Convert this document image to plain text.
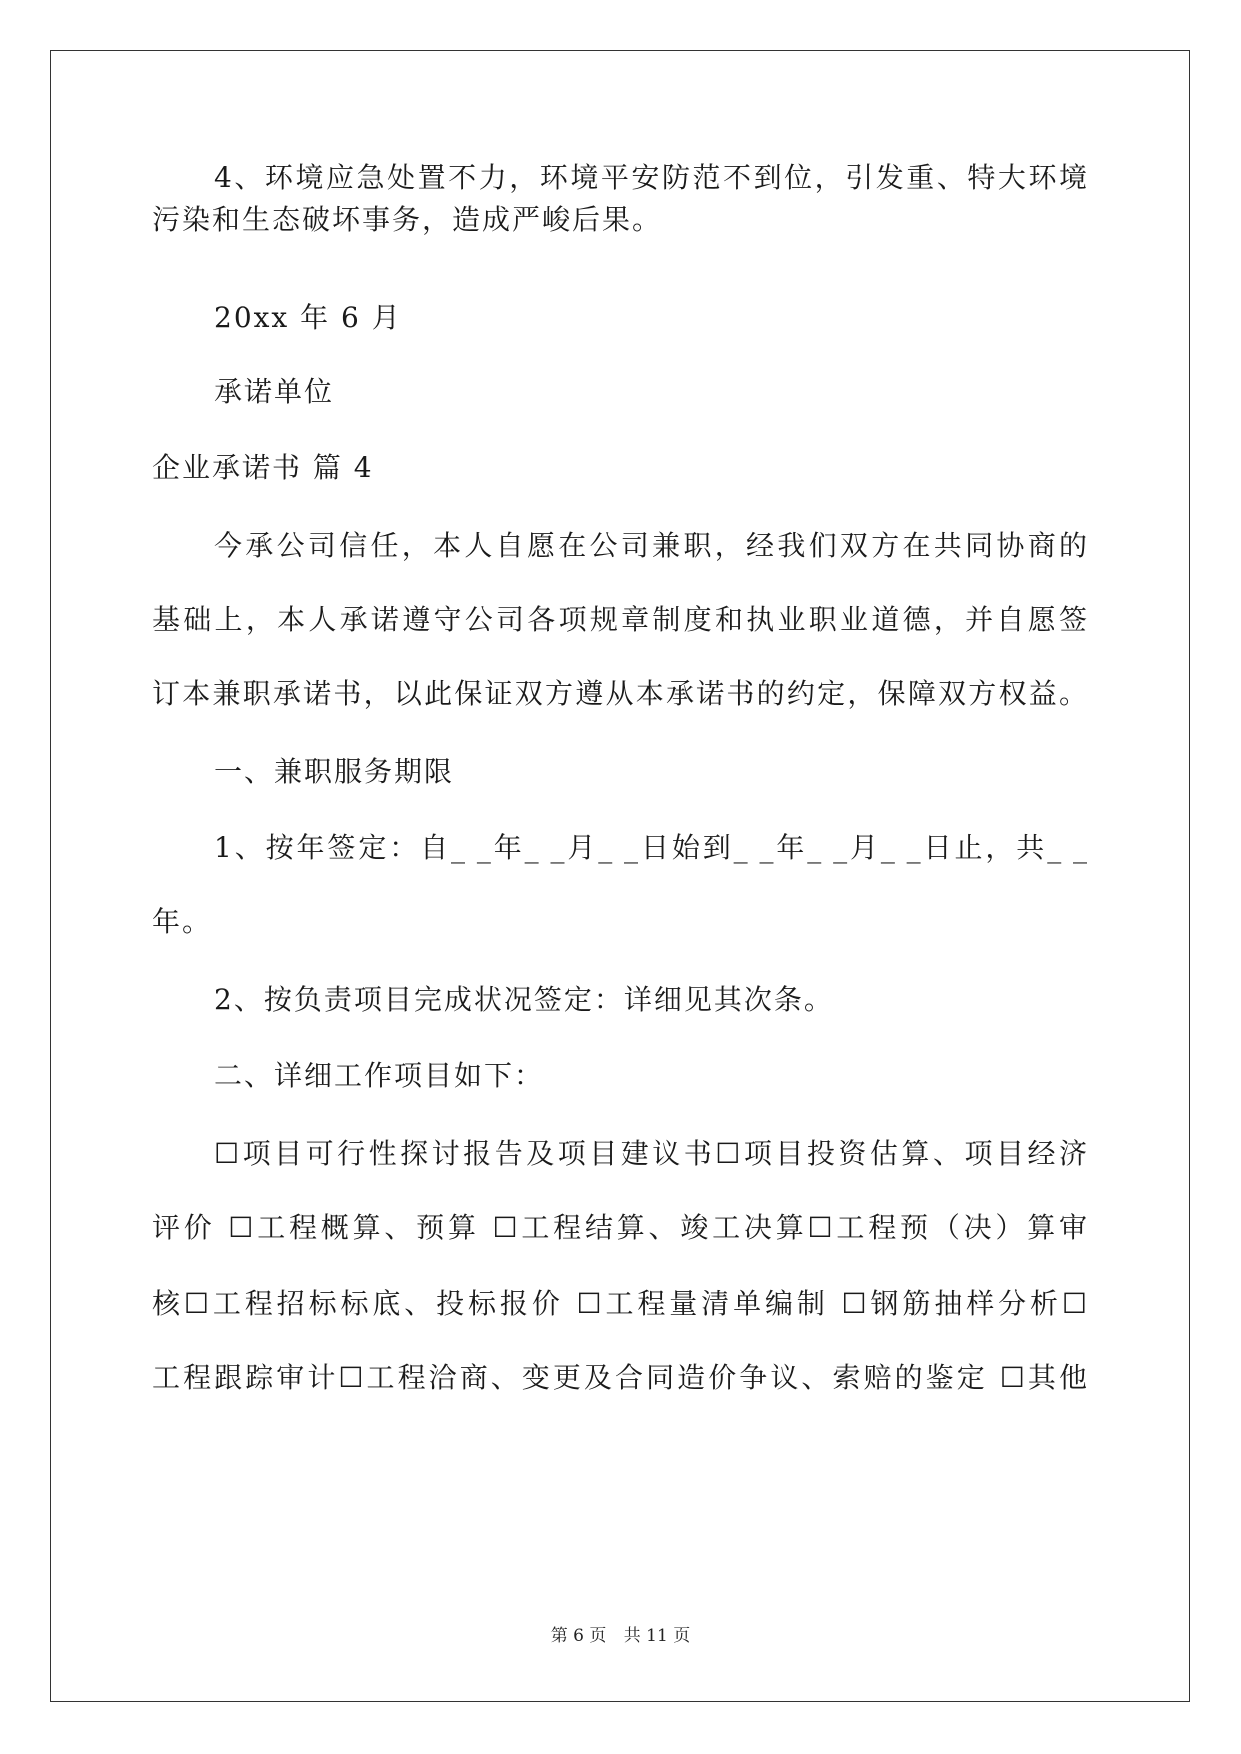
4、环境应急处置不力，环境平安防范不到位，引发重、特大环境

污染和生态破坏事务，造成严峻后果。

20xx 年 6 月

承诺单位

企业承诺书 篇 4

今承公司信任，本人自愿在公司兼职，经我们双方在共同协商的

基础上，本人承诺遵守公司各项规章制度和执业职业道德，并自愿签

订本兼职承诺书，以此保证双方遵从本承诺书的约定，保障双方权益。

一、兼职服务期限

1、按年签定：自_ _年_ _月_ _日始到_ _年_ _月_ _日止，共_ _

年。

2、按负责项目完成状况签定：详细见其次条。

二、详细工作项目如下：

☐项目可行性探讨报告及项目建议书☐项目投资估算、项目经济

评价 ☐工程概算、预算 ☐工程结算、竣工决算☐工程预（决）算审

核☐工程招标标底、投标报价 ☐工程量清单编制 ☐钢筋抽样分析☐

工程跟踪审计☐工程洽商、变更及合同造价争议、索赔的鉴定 ☐其他

第 6 页 共 11 页
